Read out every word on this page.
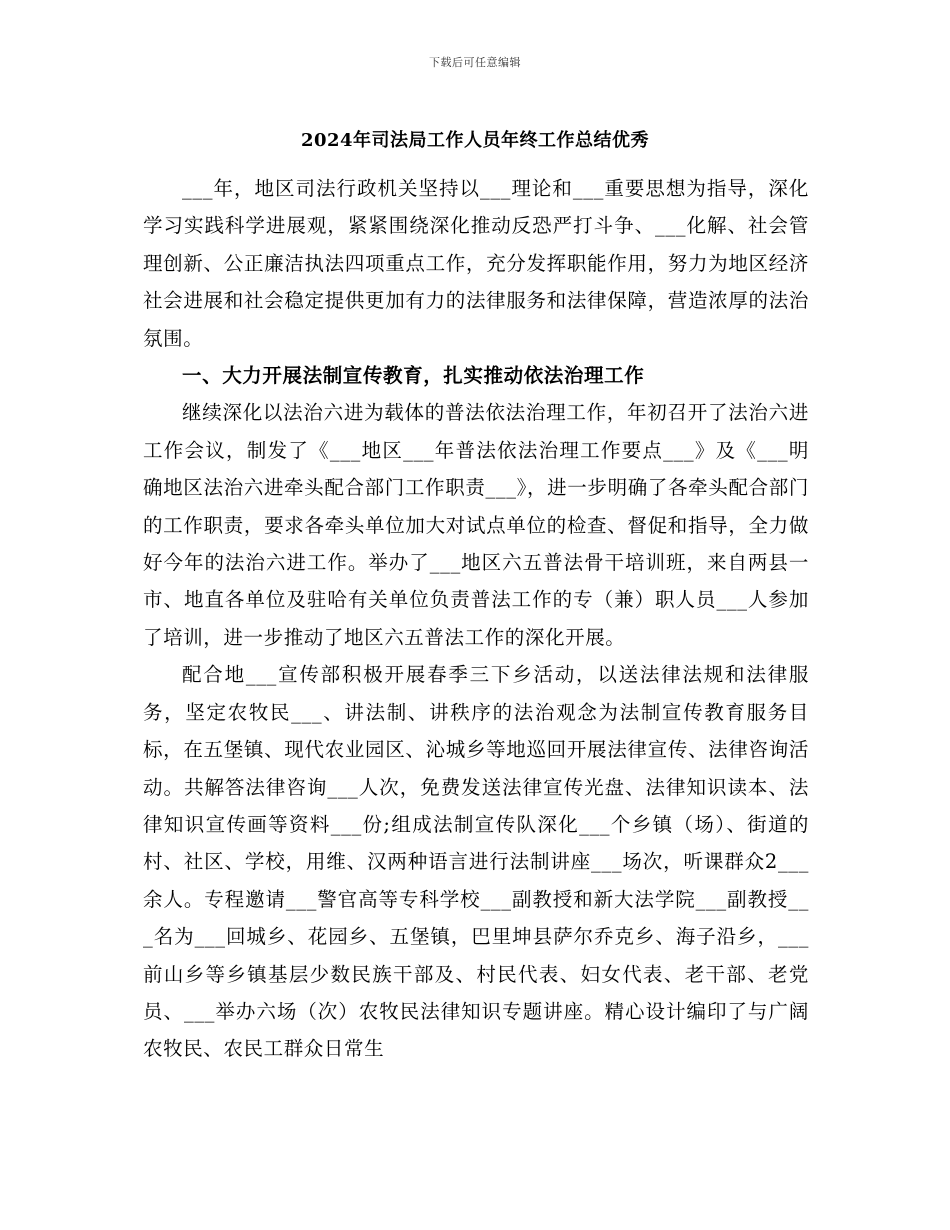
下载后可任意编辑
2024年司法局工作人员年终工作总结优秀

___年，地区司法行政机关坚持以___理论和___重要思想为指导，深化学习实践科学进展观，紧紧围绕深化推动反恐严打斗争、___化解、社会管理创新、公正廉洁执法四项重点工作，充分发挥职能作用，努力为地区经济社会进展和社会稳定提供更加有力的法律服务和法律保障，营造浓厚的法治氛围。

一、大力开展法制宣传教育，扎实推动依法治理工作

继续深化以法治六进为载体的普法依法治理工作，年初召开了法治六进工作会议，制发了《___地区___年普法依法治理工作要点___》及《___明确地区法治六进牵头配合部门工作职责___》，进一步明确了各牵头配合部门的工作职责，要求各牵头单位加大对试点单位的检查、督促和指导，全力做好今年的法治六进工作。举办了___地区六五普法骨干培训班，来自两县一市、地直各单位及驻哈有关单位负责普法工作的专（兼）职人员___人参加了培训，进一步推动了地区六五普法工作的深化开展。

配合地___宣传部积极开展春季三下乡活动，以送法律法规和法律服务，坚定农牧民___、讲法制、讲秩序的法治观念为法制宣传教育服务目标，在五堡镇、现代农业园区、沁城乡等地巡回开展法律宣传、法律咨询活动。共解答法律咨询___人次，免费发送法律宣传光盘、法律知识读本、法律知识宣传画等资料___份;组成法制宣传队深化___个乡镇（场）、街道的村、社区、学校，用维、汉两种语言进行法制讲座___场次，听课群众2___余人。专程邀请___警官高等专科学校___副教授和新大法学院___副教授___名为___回城乡、花园乡、五堡镇，巴里坤县萨尔乔克乡、海子沿乡，___前山乡等乡镇基层少数民族干部及、村民代表、妇女代表、老干部、老党员、___举办六场（次）农牧民法律知识专题讲座。精心设计编印了与广阔农牧民、农民工群众日常生
